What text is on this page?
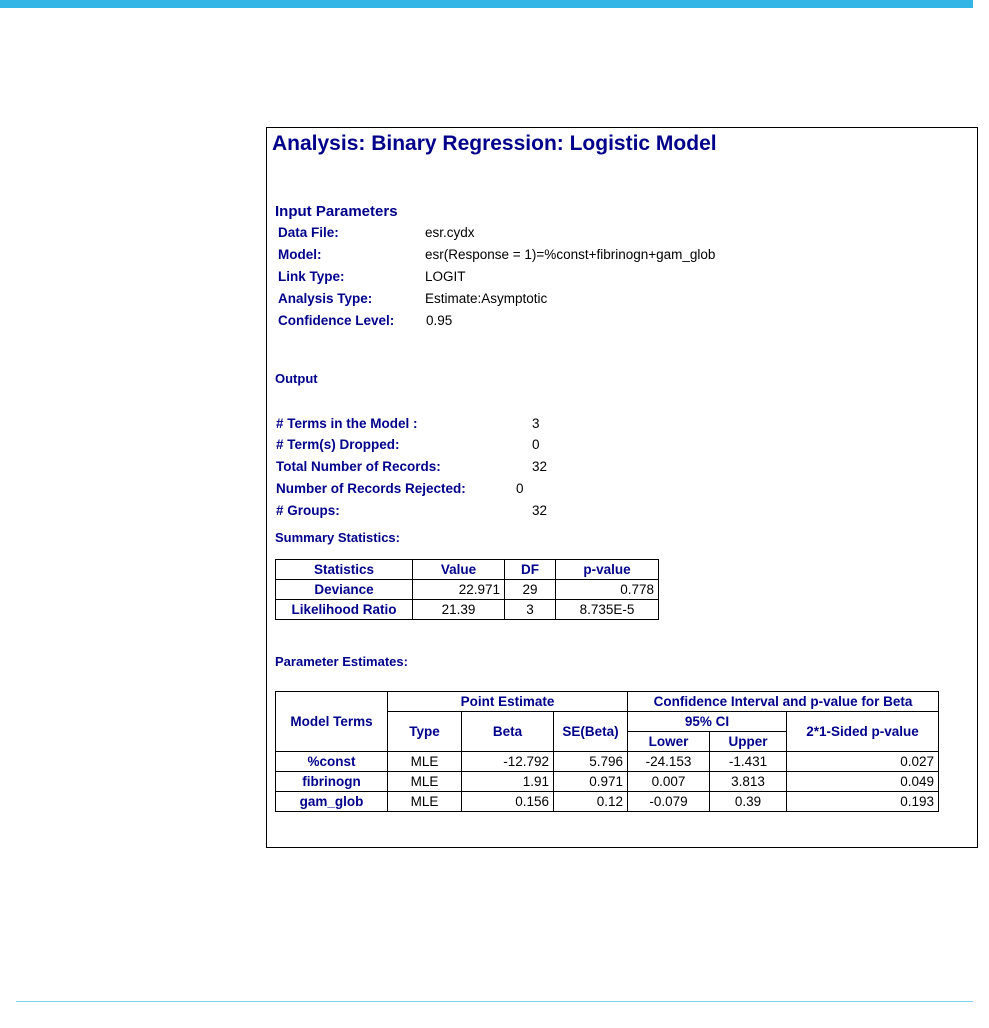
Analysis: Binary Regression: Logistic Model
Input Parameters
Data File:	esr.cydx
Model:	esr(Response = 1)=%const+fibrinogn+gam_glob
Link Type:	LOGIT
Analysis Type:	Estimate:Asymptotic
Confidence Level: 0.95
Output
# Terms in the Model :	3
# Term(s) Dropped:	0
Total Number of Records:	32
Number of Records Rejected:	0
# Groups:	32
Summary Statistics:
Statistics	Value	DF	p-value
Deviance	22.971	29	0.778
Likelihood Ratio	21.39	3	8.735E-5
Parameter Estimates:
Model Terms	Point Estimate			Confidence Interval and p-value for Beta		
	Type	Beta	SE(Beta)	95% CI		2*1-Sided p-value
				Lower	Upper	
%const	MLE	-12.792	5.796	-24.153	-1.431	0.027
fibrinogn	MLE	1.91	0.971	0.007	3.813	0.049
gam_glob	MLE	0.156	0.12	-0.079	0.39	0.193
